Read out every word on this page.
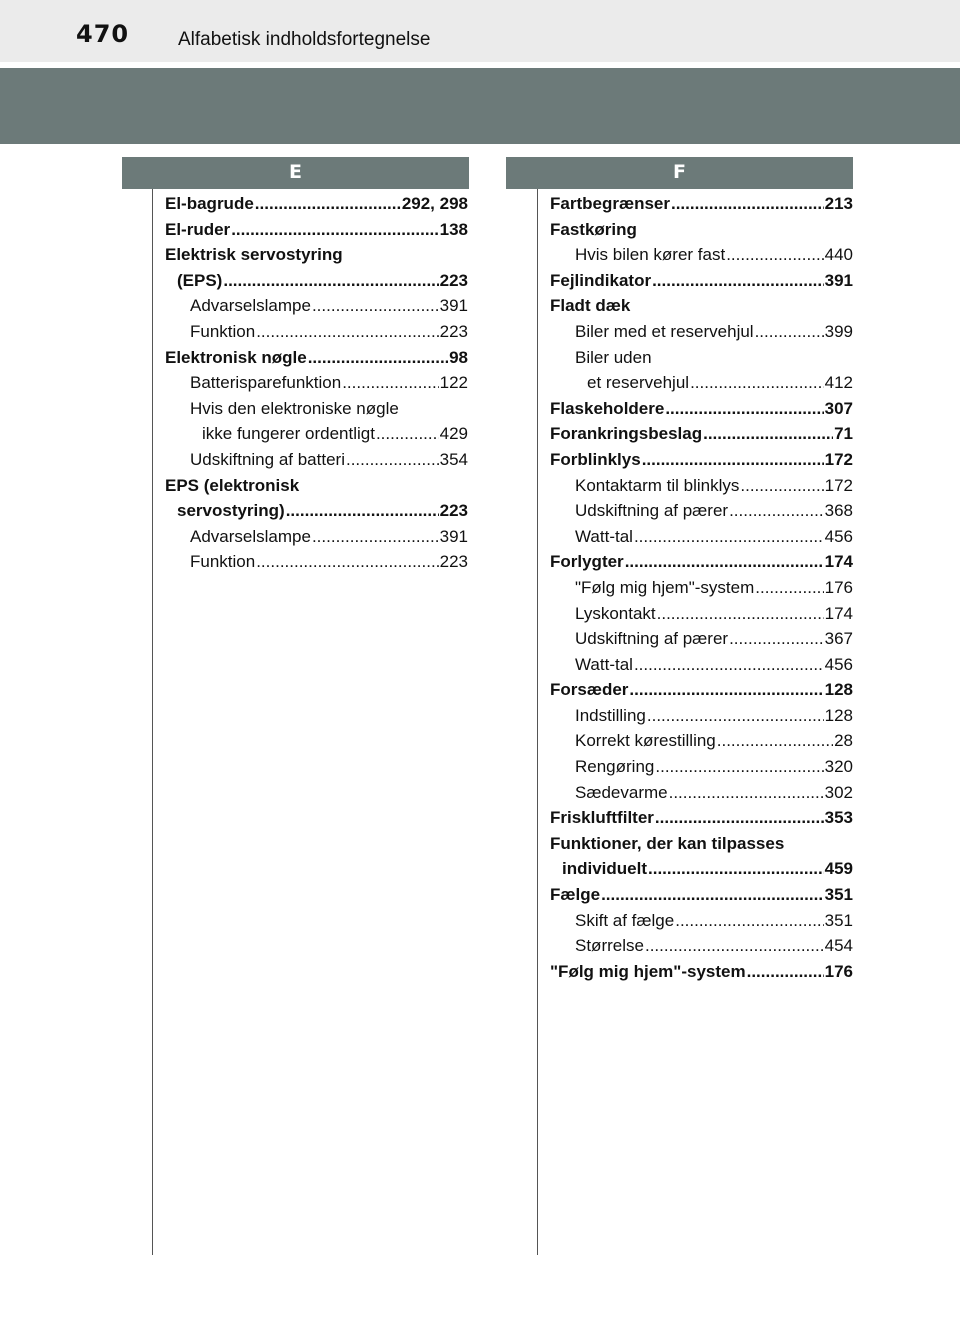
470	Alfabetisk indholdsfortegnelse
E	F
El-bagrude .....	292, 298
El-ruder .....	138
Elektrisk servostyring
(EPS) .....	223
Advarselslampe .....	391
Funktion .....	223
Elektronisk nøgle .....	98
Batterisparefunktion .....	122
Hvis den elektroniske nøgle
ikke fungerer ordentligt .....	429
Udskiftning af batteri .....	354
EPS (elektronisk
servostyring) .....	223
Advarselslampe .....	391
Funktion .....	223
Fartbegrænser .....	213
Fastkøring
Hvis bilen kører fast .....	440
Fejlindikator .....	391
Fladt dæk
Biler med et reservehjul .....	399
Biler uden
et reservehjul .....	412
Flaskeholdere .....	307
Forankringsbeslag .....	71
Forblinklys .....	172
Kontaktarm til blinklys .....	172
Udskiftning af pærer .....	368
Watt-tal .....	456
Forlygter .....	174
"Følg mig hjem"-system .....	176
Lyskontakt .....	174
Udskiftning af pærer .....	367
Watt-tal .....	456
Forsæder .....	128
Indstilling .....	128
Korrekt kørestilling .....	28
Rengøring .....	320
Sædevarme .....	302
Friskluftfilter .....	353
Funktioner, der kan tilpasses
individuelt .....	459
Fælge .....	351
Skift af fælge .....	351
Størrelse .....	454
"Følg mig hjem"-system .....	176
